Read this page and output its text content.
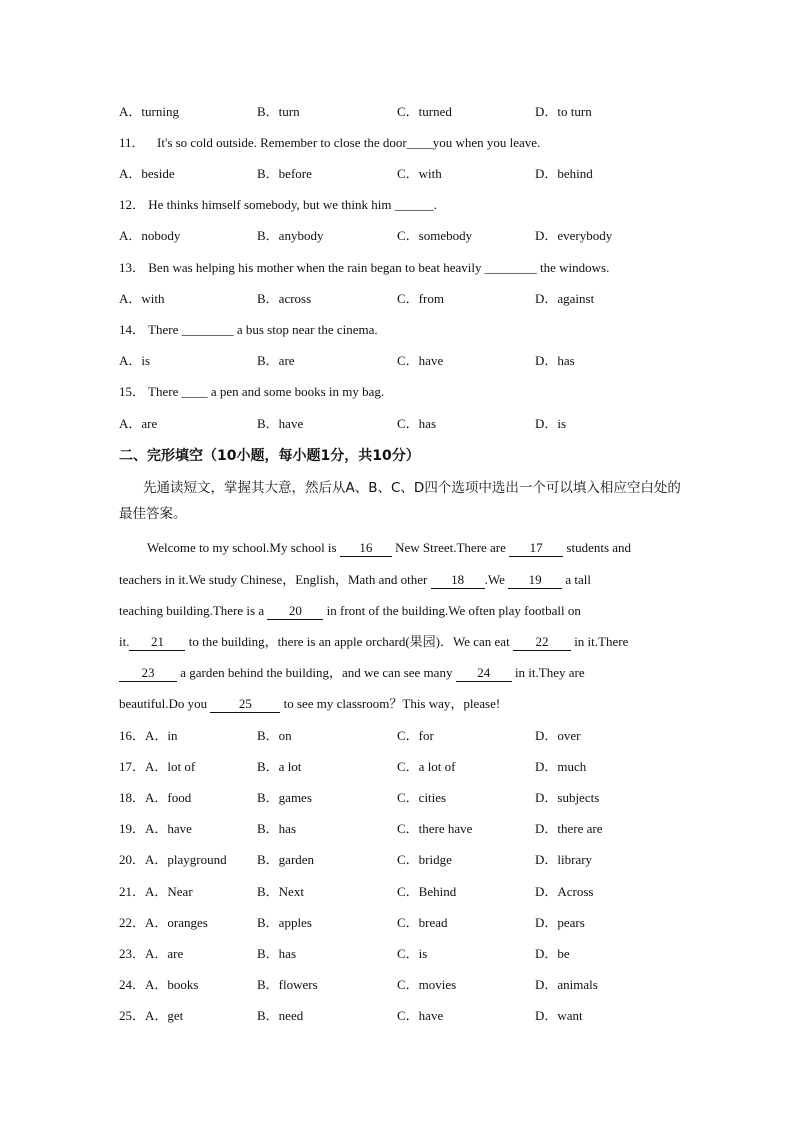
A．turning	B．turn	C．turned	D．to turn
11． It's so cold outside. Remember to close the door____you when you leave.
A．beside	B．before	C．with	D．behind
12． He thinks himself somebody, but we think him ______.
A．nobody	B．anybody	C．somebody	D．everybody
13． Ben was helping his mother when the rain began to beat heavily ________ the windows.
A．with	B．across	C．from	D．against
14． There ________ a bus stop near the cinema.
A．is	B．are	C．have	D．has
15． There ____ a pen and some books in my bag.
A．are	B．have	C．has	D．is
二、完形填空（10小题，每小题1分，共10分）
先通读短文，掌握其大意，然后从A、B、C、D四个选项中选出一个可以填入相应空白处的最佳答案。
Welcome to my school.My school is 16 New Street.There are 17 students and
teachers in it.We study Chinese，English，Math and other 18 .We 19 a tall
teaching building.There is a 20 in front of the building.We often play football on
it. 21 to the building，there is an apple orchard(果园)．We can eat 22 in it.There
23 a garden behind the building，and we can see many 24 in it.They are
beautiful.Do you 25 to see my classroom？This way，please!
16．A．in	B．on	C．for	D．over
17．A．lot of	B．a lot	C．a lot of	D．much
18．A．food	B．games	C．cities	D．subjects
19．A．have	B．has	C．there have	D．there are
20．A．playground B．garden	C．bridge	D．library
21．A．Near	B．Next	C．Behind	D．Across
22．A．oranges	B．apples	C．bread	D．pears
23．A．are	B．has	C．is	D．be
24．A．books	B．flowers	C．movies	D．animals
25．A．get	B．need	C．have	D．want
